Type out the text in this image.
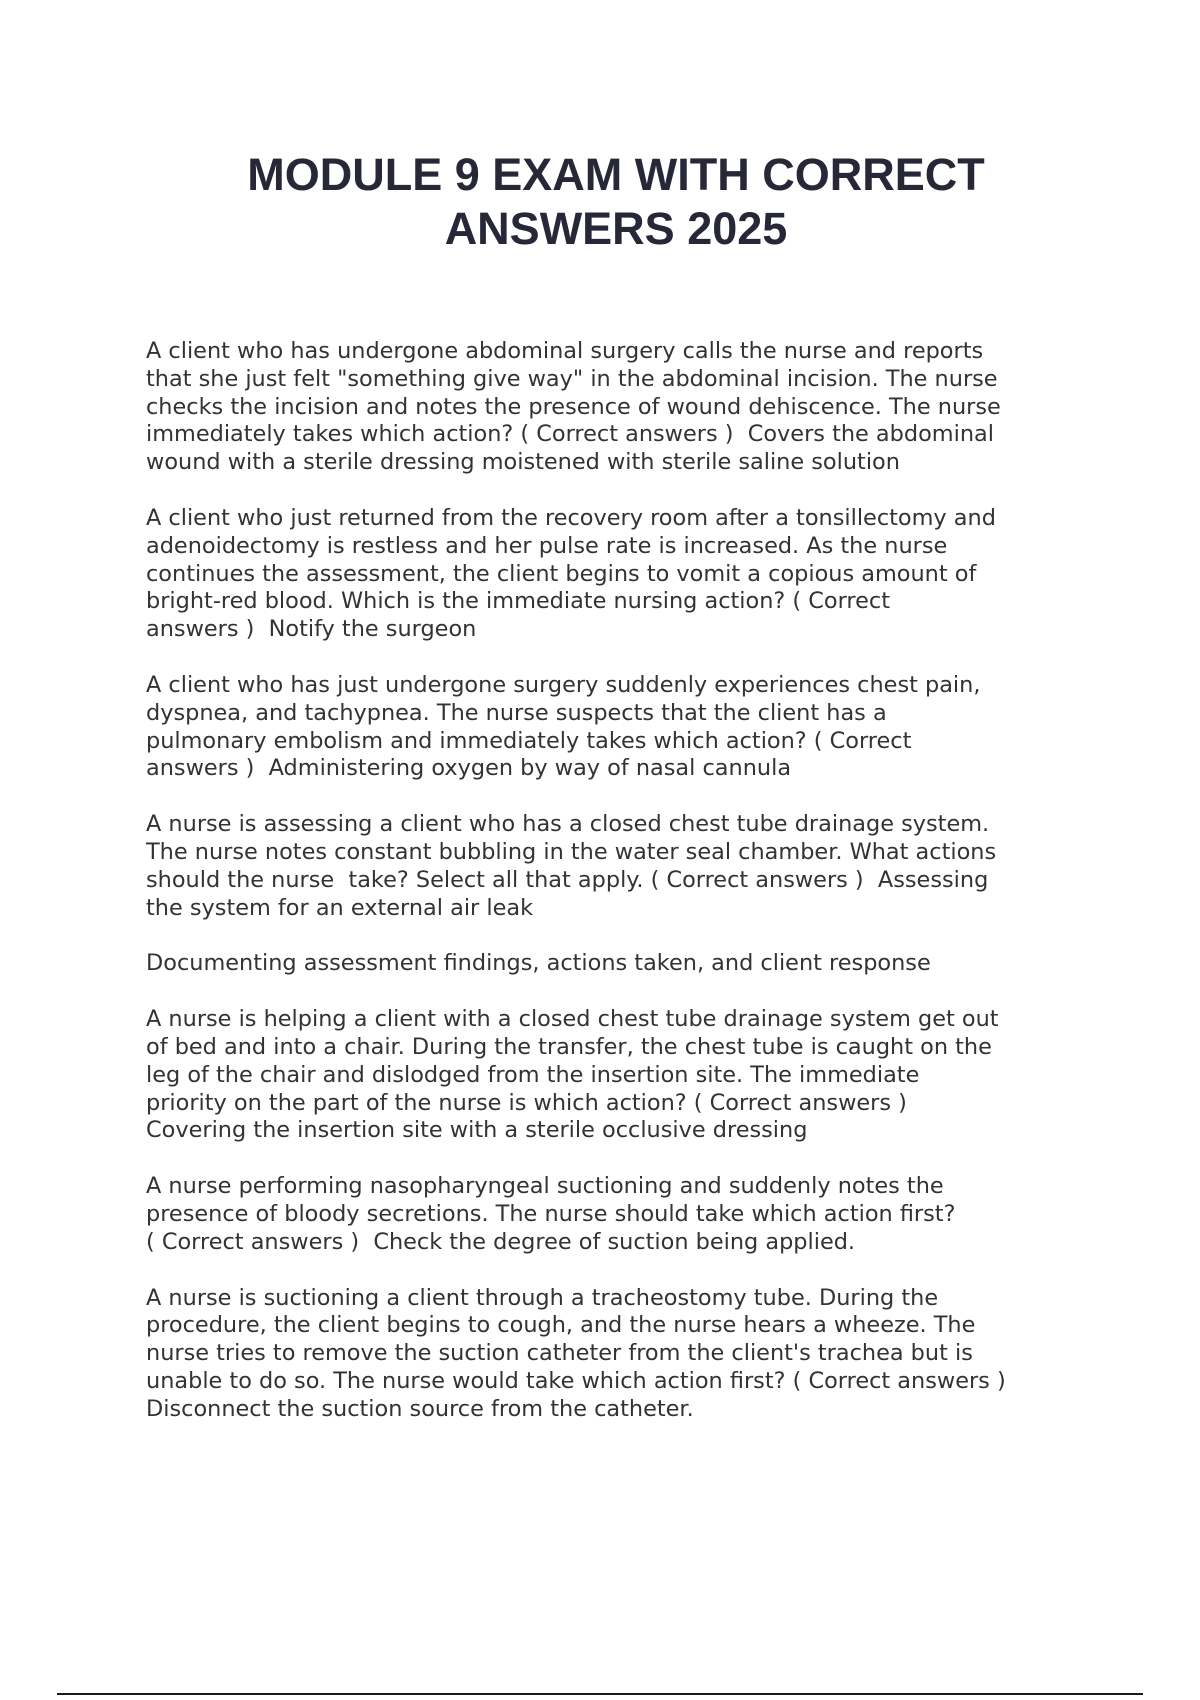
MODULE 9 EXAM WITH CORRECT
ANSWERS 2025

A client who has undergone abdominal surgery calls the nurse and reports
that she just felt "something give way" in the abdominal incision. The nurse
checks the incision and notes the presence of wound dehiscence. The nurse
immediately takes which action? ( Correct answers )  Covers the abdominal
wound with a sterile dressing moistened with sterile saline solution

A client who just returned from the recovery room after a tonsillectomy and
adenoidectomy is restless and her pulse rate is increased. As the nurse
continues the assessment, the client begins to vomit a copious amount of
bright-red blood. Which is the immediate nursing action? ( Correct
answers )  Notify the surgeon

A client who has just undergone surgery suddenly experiences chest pain,
dyspnea, and tachypnea. The nurse suspects that the client has a
pulmonary embolism and immediately takes which action? ( Correct
answers )  Administering oxygen by way of nasal cannula

A nurse is assessing a client who has a closed chest tube drainage system.
The nurse notes constant bubbling in the water seal chamber. What actions
should the nurse  take? Select all that apply. ( Correct answers )  Assessing
the system for an external air leak

Documenting assessment findings, actions taken, and client response

A nurse is helping a client with a closed chest tube drainage system get out
of bed and into a chair. During the transfer, the chest tube is caught on the
leg of the chair and dislodged from the insertion site. The immediate
priority on the part of the nurse is which action? ( Correct answers )
Covering the insertion site with a sterile occlusive dressing

A nurse performing nasopharyngeal suctioning and suddenly notes the
presence of bloody secretions. The nurse should take which action first?
( Correct answers )  Check the degree of suction being applied.

A nurse is suctioning a client through a tracheostomy tube. During the
procedure, the client begins to cough, and the nurse hears a wheeze. The
nurse tries to remove the suction catheter from the client's trachea but is
unable to do so. The nurse would take which action first? ( Correct answers )
Disconnect the suction source from the catheter.
